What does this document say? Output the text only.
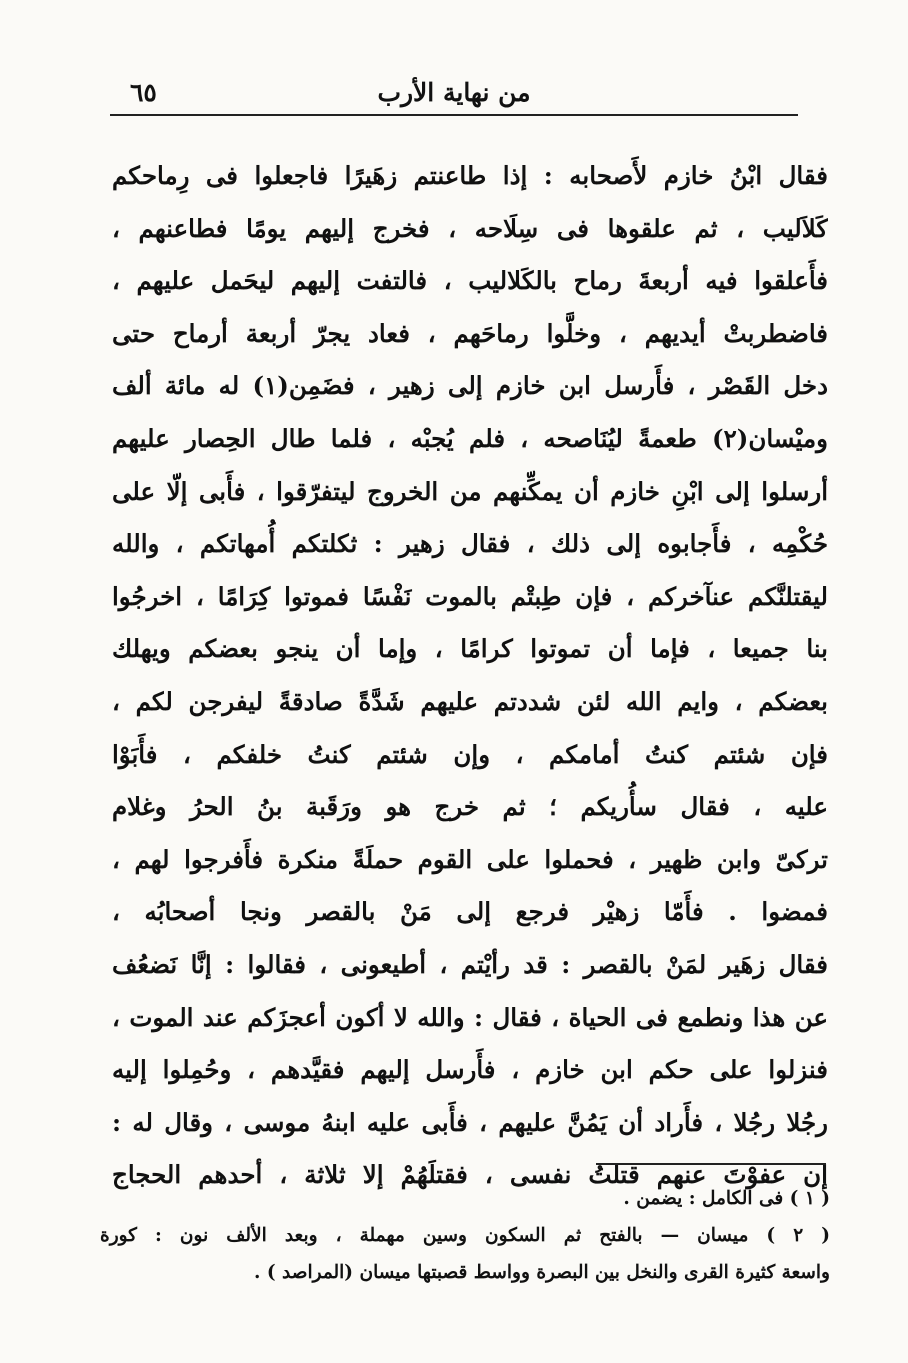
من نهاية الأرب
٦٥
فقال ابْنُ خازم لأَصحابه : إذا طاعنتم زهَيرًا فاجعلوا فى رِماحكم
كَلاَليب ، ثم علقوها فى سِلَاحه ، فخرج إليهم يومًا فطاعنهم ،
فأَعلقوا فيه أربعةَ رماح بالكَلاليب ، فالتفت إليهم ليحَمل عليهم ،
فاضطربتْ أيديهم ، وخلَّوا رماحَهم ، فعاد يجرّ أربعة أرماح حتى
دخل القَصْر ، فأَرسل ابن خازم إلى زهير ، فضَمِن(١) له مائة ألف
وميْسان(٢) طعمةً ليُنَاصحه ، فلم يُجبْه ، فلما طال الحِصار عليهم
أرسلوا إلى ابْنِ خازم أن يمكِّنهم من الخروج ليتفرّقوا ، فأَبى إلّا على
حُكْمِه ، فأَجابوه إلى ذلك ، فقال زهير : ثكلتكم أُمهاتكم ، والله
ليقتلنَّكم عنآخركم ، فإن طِبتْم بالموت نَفْسًا فموتوا كِرَامًا ، اخرجُوا
بنا جميعا ، فإما أن تموتوا كرامًا ، وإما أن ينجو بعضكم ويهلك
بعضكم ، وايم الله لئن شددتم عليهم شَدَّةً صادقةً ليفرجن لكم ،
فإن شئتم كنتُ أمامكم ، وإن شئتم كنتُ خلفكم ، فأَبَوْا
عليه ، فقال سأُريكم ؛ ثم خرج هو ورَقَبة بنُ الحرُ وغلام
تركىّ وابن ظهير ، فحملوا على القوم حملَةً منكرة فأَفرجوا لهم ،
فمضوا . فأَمّا زهيْر فرجع إلى مَنْ بالقصر ونجا أصحابُه ،
فقال زهَير لمَنْ بالقصر : قد رأيْتم ، أطيعونى ، فقالوا : إنَّا نَضعُف
عن هذا ونطمع فى الحياة ، فقال : والله لا أكون أعجزَكم عند الموت ،
فنزلوا على حكم ابن خازم ، فأَرسل إليهم فقيَّدهم ، وحُمِلوا إليه
رجُلا رجُلا ، فأَراد أن يَمُنَّ عليهم ، فأَبى عليه ابنهُ موسى ، وقال له :
إن عفوْتَ عنهم قتلتُ نفسى ، فقتلَهُمْ إلا ثلاثة ، أحدهم الحجاج
( ١ ) فى الكامل : يضمن .
( ٢ ) ميسان — بالفتح ثم السكون وسين مهملة ، وبعد الألف نون : كورة
واسعة كثيرة القرى والنخل بين البصرة وواسط قصبتها ميسان (المراصد ) .
